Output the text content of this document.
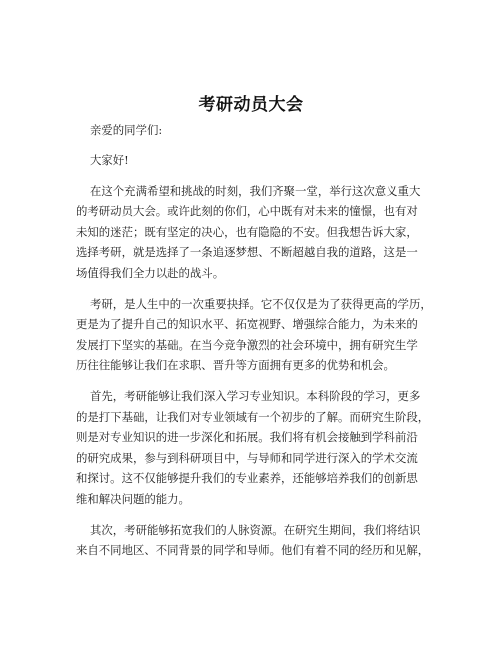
考研动员大会
亲爱的同学们:
大家好!
在这个充满希望和挑战的时刻，我们齐聚一堂，举行这次意义重大
的考研动员大会。或许此刻的你们，心中既有对未来的憧憬，也有对
未知的迷茫；既有坚定的决心，也有隐隐的不安。但我想告诉大家，
选择考研，就是选择了一条追逐梦想、不断超越自我的道路，这是一
场值得我们全力以赴的战斗。
考研，是人生中的一次重要抉择。它不仅仅是为了获得更高的学历，
更是为了提升自己的知识水平、拓宽视野、增强综合能力，为未来的
发展打下坚实的基础。在当今竞争激烈的社会环境中，拥有研究生学
历往往能够让我们在求职、晋升等方面拥有更多的优势和机会。
首先，考研能够让我们深入学习专业知识。本科阶段的学习，更多
的是打下基础，让我们对专业领域有一个初步的了解。而研究生阶段，
则是对专业知识的进一步深化和拓展。我们将有机会接触到学科前沿
的研究成果，参与到科研项目中，与导师和同学进行深入的学术交流
和探讨。这不仅能够提升我们的专业素养，还能够培养我们的创新思
维和解决问题的能力。
其次，考研能够拓宽我们的人脉资源。在研究生期间，我们将结识
来自不同地区、不同背景的同学和导师。他们有着不同的经历和见解，
